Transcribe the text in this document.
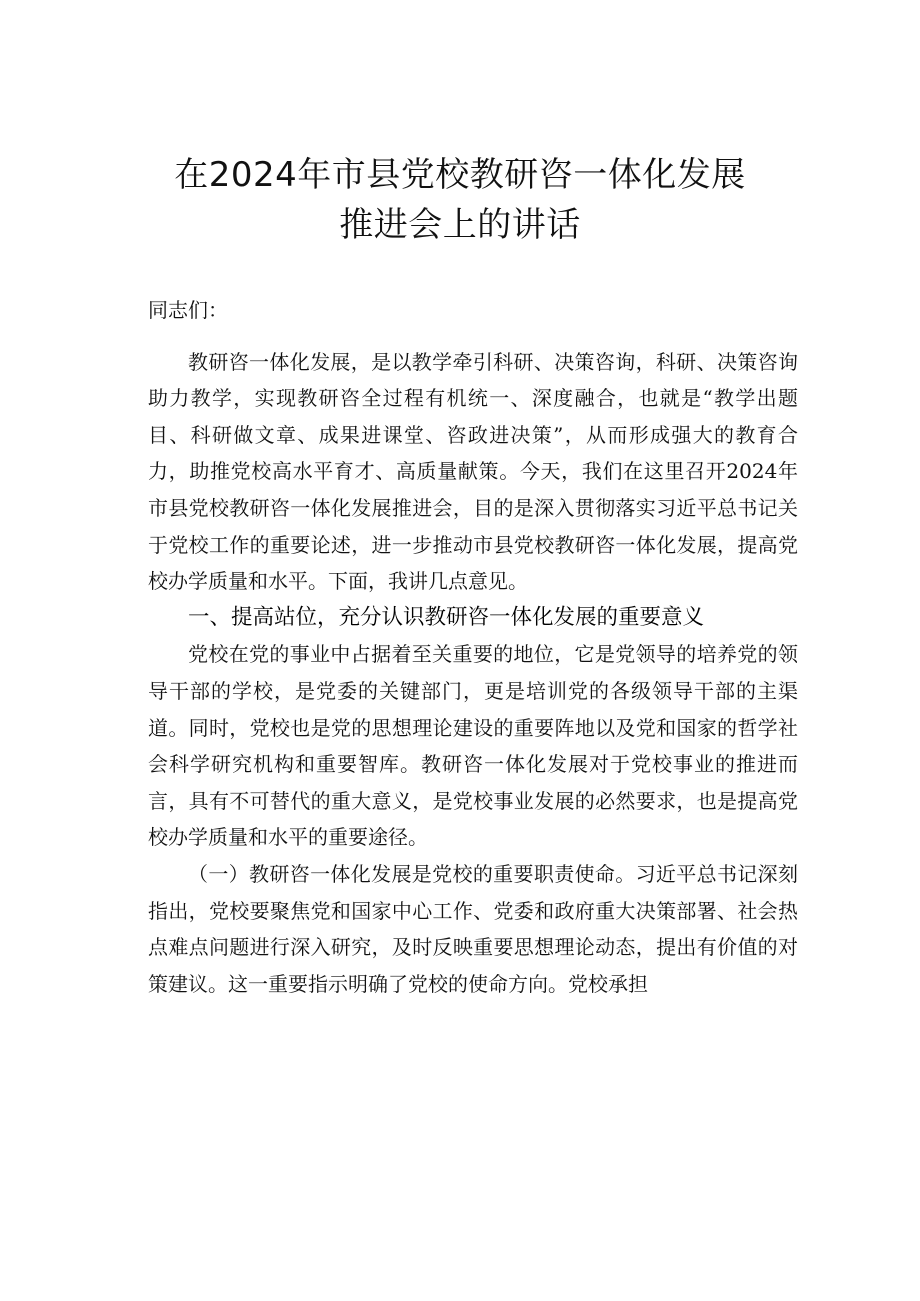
在2024年市县党校教研咨一体化发展
推进会上的讲话

同志们：

教研咨一体化发展，是以教学牵引科研、决策咨询，科研、决策咨询助力教学，实现教研咨全过程有机统一、深度融合，也就是“教学出题目、科研做文章、成果进课堂、咨政进决策”，从而形成强大的教育合力，助推党校高水平育才、高质量献策。今天，我们在这里召开2024年市县党校教研咨一体化发展推进会，目的是深入贯彻落实习近平总书记关于党校工作的重要论述，进一步推动市县党校教研咨一体化发展，提高党校办学质量和水平。下面，我讲几点意见。

一、提高站位，充分认识教研咨一体化发展的重要意义

党校在党的事业中占据着至关重要的地位，它是党领导的培养党的领导干部的学校，是党委的关键部门，更是培训党的各级领导干部的主渠道。同时，党校也是党的思想理论建设的重要阵地以及党和国家的哲学社会科学研究机构和重要智库。教研咨一体化发展对于党校事业的推进而言，具有不可替代的重大意义，是党校事业发展的必然要求，也是提高党校办学质量和水平的重要途径。

（一）教研咨一体化发展是党校的重要职责使命。习近平总书记深刻指出，党校要聚焦党和国家中心工作、党委和政府重大决策部署、社会热点难点问题进行深入研究，及时反映重要思想理论动态，提出有价值的对策建议。这一重要指示明确了党校的使命方向。党校承担
